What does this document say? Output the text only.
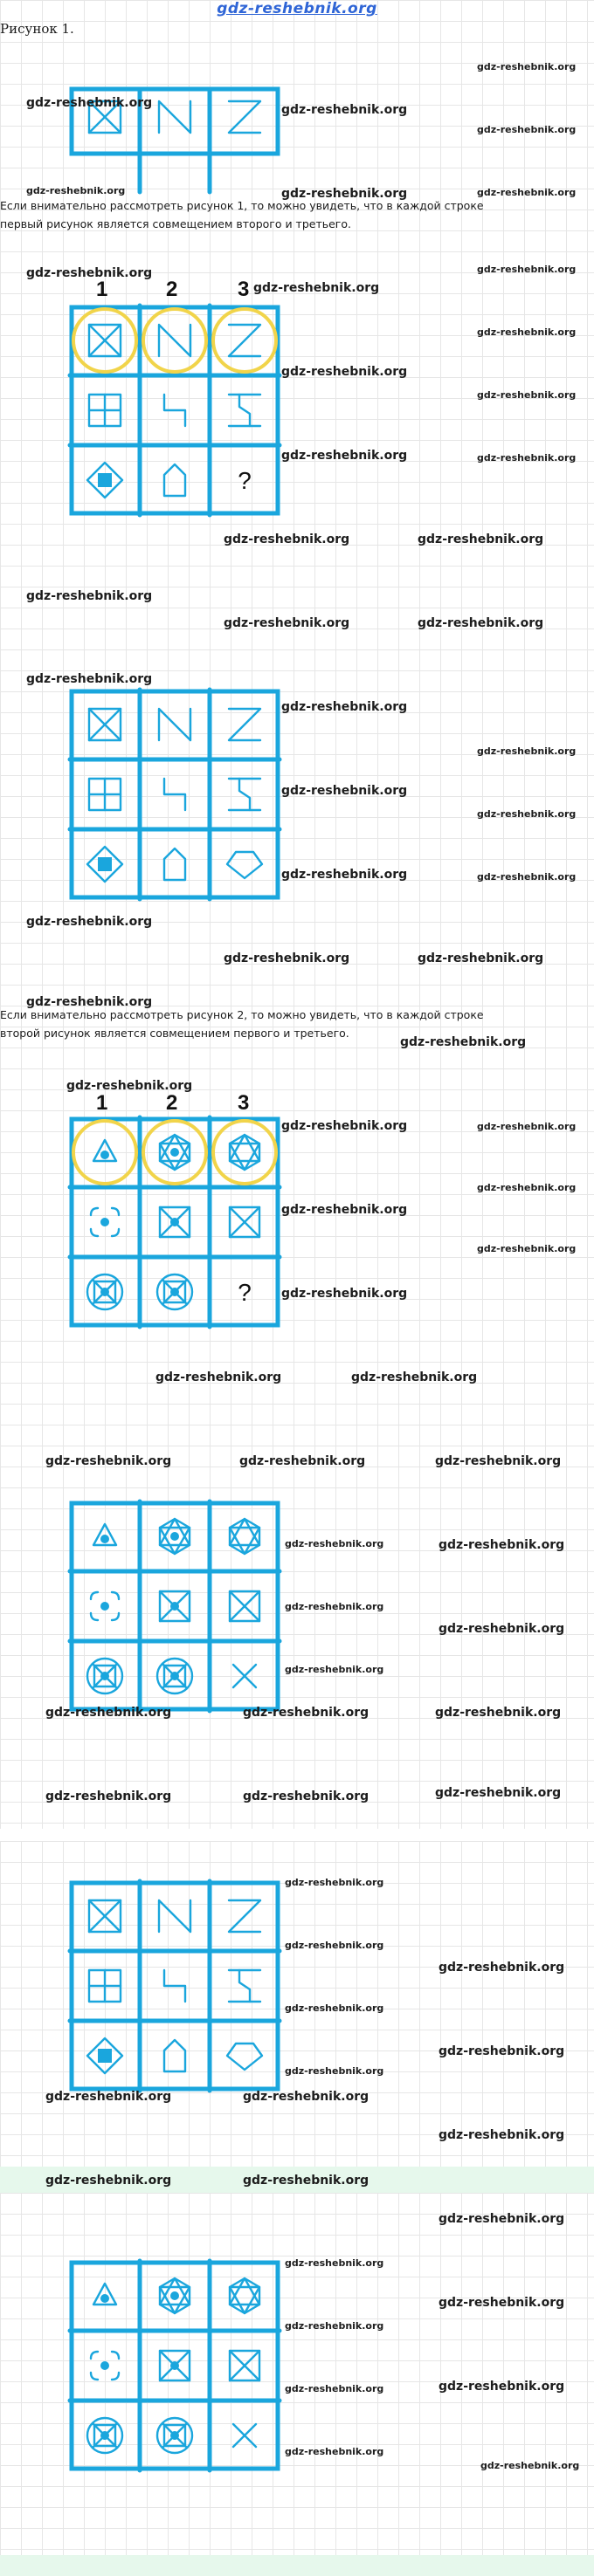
gdz-reshebnik.org
Рисунок 1.
Если внимательно рассмотреть рисунок 1, то можно увидеть, что в каждой строке
первый рисунок является совмещением второго и третьего.
1	2	3
?
Если внимательно рассмотреть рисунок 2, то можно увидеть, что в каждой строке
второй рисунок является совмещением первого и третьего.
1	2	3
?
gdz-reshebnik.org	gdz-reshebnik.org
gdz-reshebnik.org
gdz-reshebnik.org
gdz-reshebnik.org	gdz-reshebnik.org	gdz-reshebnik.org
gdz-reshebnik.org	gdz-reshebnik.org
gdz-reshebnik.org
gdz-reshebnik.org
gdz-reshebnik.org
gdz-reshebnik.org
gdz-reshebnik.org	gdz-reshebnik.org
gdz-reshebnik.org	gdz-reshebnik.org
gdz-reshebnik.org
gdz-reshebnik.org	gdz-reshebnik.org
gdz-reshebnik.org
gdz-reshebnik.org
gdz-reshebnik.org
gdz-reshebnik.org
gdz-reshebnik.org
gdz-reshebnik.org
gdz-reshebnik.org
gdz-reshebnik.org
gdz-reshebnik.org	gdz-reshebnik.org
gdz-reshebnik.org
gdz-reshebnik.org
gdz-reshebnik.org
gdz-reshebnik.org	gdz-reshebnik.org
gdz-reshebnik.org
gdz-reshebnik.org
gdz-reshebnik.org
gdz-reshebnik.org
gdz-reshebnik.org	gdz-reshebnik.org
gdz-reshebnik.org	gdz-reshebnik.org	gdz-reshebnik.org
gdz-reshebnik.org	gdz-reshebnik.org
gdz-reshebnik.org
gdz-reshebnik.org
gdz-reshebnik.org
gdz-reshebnik.org	gdz-reshebnik.org	gdz-reshebnik.org
gdz-reshebnik.org	gdz-reshebnik.org	gdz-reshebnik.org
gdz-reshebnik.org
gdz-reshebnik.org
gdz-reshebnik.org
gdz-reshebnik.org
gdz-reshebnik.org
gdz-reshebnik.org
gdz-reshebnik.org	gdz-reshebnik.org
gdz-reshebnik.org
gdz-reshebnik.org	gdz-reshebnik.org
gdz-reshebnik.org
gdz-reshebnik.org
gdz-reshebnik.org
gdz-reshebnik.org
gdz-reshebnik.org
gdz-reshebnik.org
gdz-reshebnik.org
gdz-reshebnik.org
